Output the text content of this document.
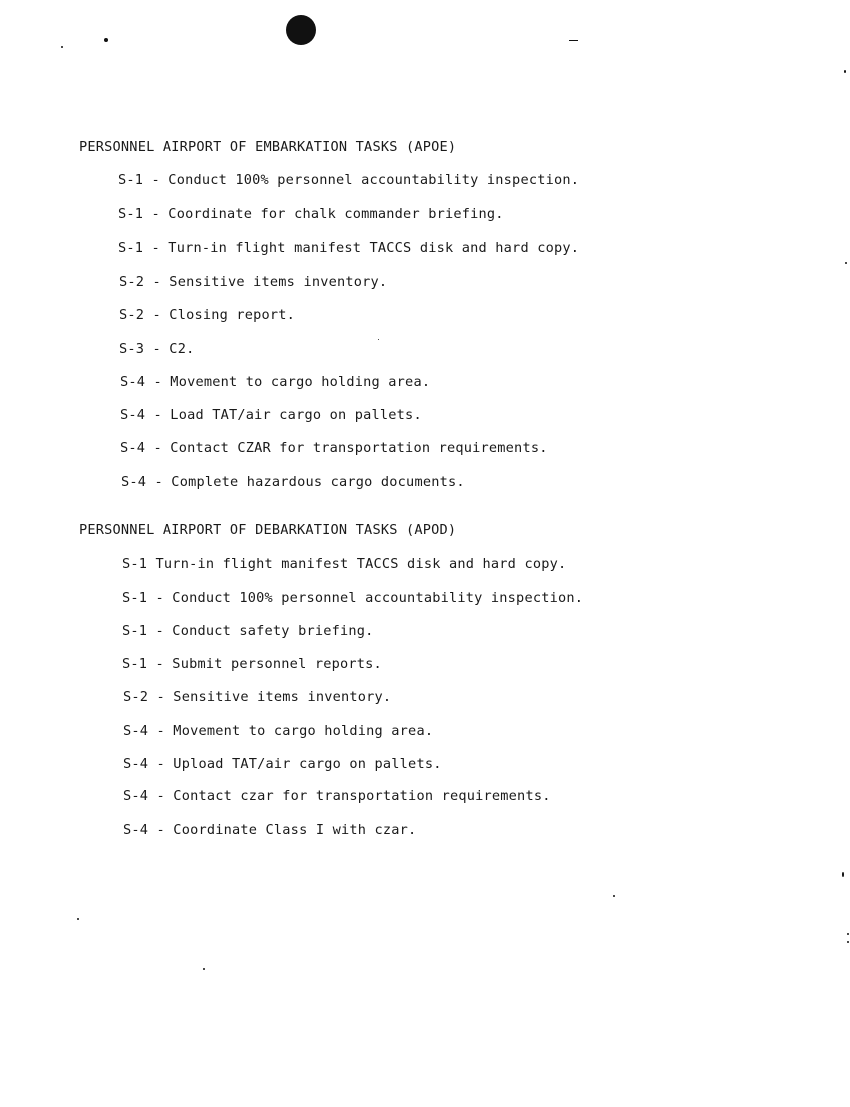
PERSONNEL AIRPORT OF EMBARKATION TASKS (APOE)
S-1 - Conduct 100% personnel accountability inspection.
S-1 - Coordinate for chalk commander briefing.
S-1 - Turn-in flight manifest TACCS disk and hard copy.
S-2 - Sensitive items inventory.
S-2 - Closing report.
S-3 - C2.
S-4 - Movement to cargo holding area.
S-4 - Load TAT/air cargo on pallets.
S-4 - Contact CZAR for transportation requirements.
S-4 - Complete hazardous cargo documents.
PERSONNEL AIRPORT OF DEBARKATION TASKS (APOD)
S-1 Turn-in flight manifest TACCS disk and hard copy.
S-1 - Conduct 100% personnel accountability inspection.
S-1 - Conduct safety briefing.
S-1 - Submit personnel reports.
S-2 - Sensitive items inventory.
S-4 - Movement to cargo holding area.
S-4 - Upload TAT/air cargo on pallets.
S-4 - Contact czar for transportation requirements.
S-4 - Coordinate Class I with czar.
